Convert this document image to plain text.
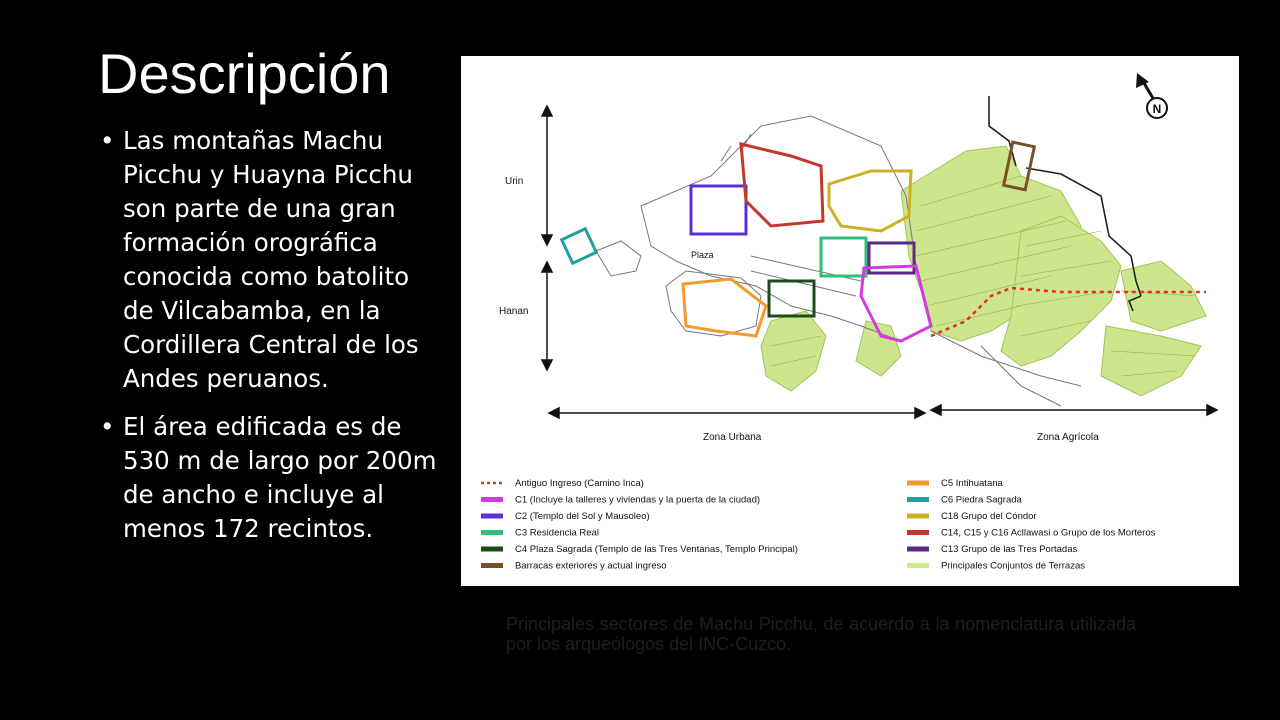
Descripción
• Las montañas Machu Picchu y Huayna Picchu son parte de una gran formación orográfica conocida como batolito de Vilcabamba, en la Cordillera Central de los Andes peruanos.
• El área edificada es de 530 m de largo por 200m de ancho e incluye al menos 172 recintos.
N
Urin
Hanan
Plaza
Zona Urbana	Zona Agrícola
Antiguo Ingreso (Camino Inca)
C1 (Incluye la talleres y viviendas y la puerta de la ciudad)
C2 (Templo del Sol y Mausoleo)
C3 Residencia Real
C4 Plaza Sagrada (Templo de las Tres Ventanas, Templo Principal)
Barracas exteriores y actual ingreso
C5 Intihuatana
C6 Piedra Sagrada
C18 Grupo del Cóndor
C14, C15 y C16 Acllawasi o Grupo de los Morteros
C13 Grupo de las Tres Portadas
Principales Conjuntos de Terrazas
Principales sectores de Machu Picchu, de acuerdo a la nomenclatura utilizada por los arqueólogos del INC-Cuzco.
